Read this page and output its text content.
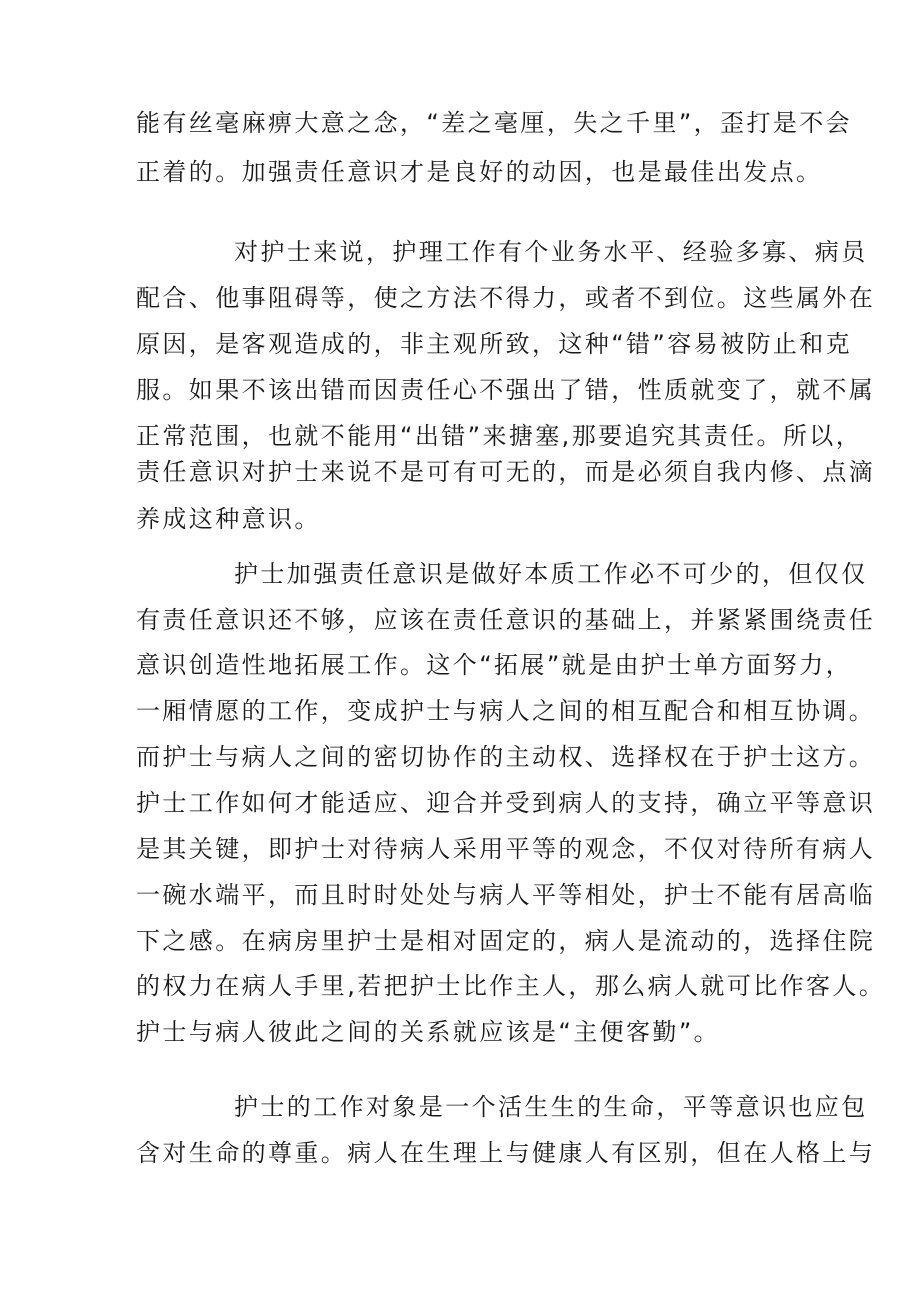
能有丝毫麻痹大意之念，“差之毫厘，失之千里”，歪打是不会

正着的。加强责任意识才是良好的动因，也是最佳出发点。

对护士来说，护理工作有个业务水平、经验多寡、病员

配合、他事阻碍等，使之方法不得力，或者不到位。这些属外在

原因，是客观造成的，非主观所致，这种“错”容易被防止和克

服。如果不该出错而因责任心不强出了错，性质就变了，就不属

正常范围，也就不能用“出错”来搪塞,那要追究其责任。所以，

责任意识对护士来说不是可有可无的，而是必须自我内修、点滴

养成这种意识。

护士加强责任意识是做好本质工作必不可少的，但仅仅

有责任意识还不够，应该在责任意识的基础上，并紧紧围绕责任

意识创造性地拓展工作。这个“拓展”就是由护士单方面努力，

一厢情愿的工作，变成护士与病人之间的相互配合和相互协调。

而护士与病人之间的密切协作的主动权、选择权在于护士这方。

护士工作如何才能适应、迎合并受到病人的支持，确立平等意识

是其关键，即护士对待病人采用平等的观念，不仅对待所有病人

一碗水端平，而且时时处处与病人平等相处，护士不能有居高临

下之感。在病房里护士是相对固定的，病人是流动的，选择住院

的权力在病人手里,若把护士比作主人，那么病人就可比作客人。

护士与病人彼此之间的关系就应该是“主便客勤”。

护士的工作对象是一个活生生的生命，平等意识也应包

含对生命的尊重。病人在生理上与健康人有区别，但在人格上与
